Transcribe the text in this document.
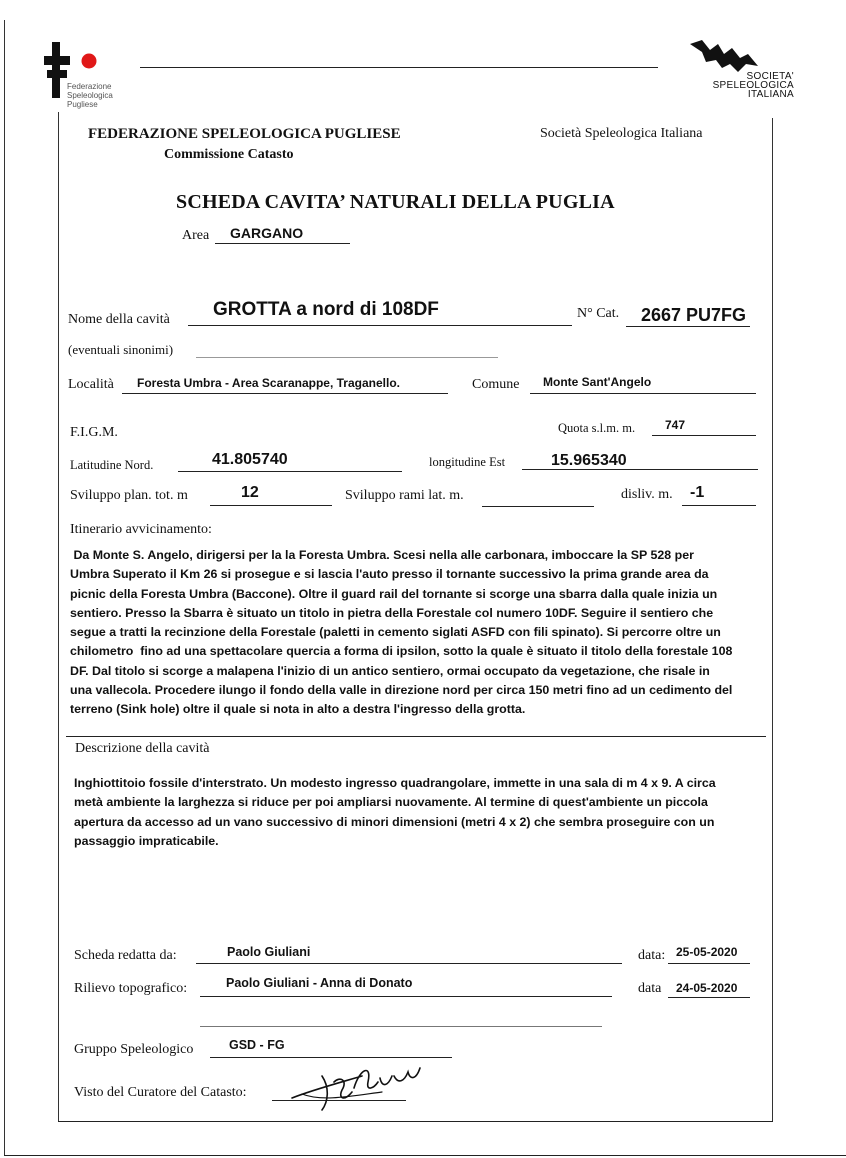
Federazione
Speleologica
Pugliese
SOCIETA'
SPELEOLOGICA
ITALIANA
FEDERAZIONE SPELEOLOGICA PUGLIESE
Commissione Catasto
Società Speleologica Italiana
SCHEDA CAVITA’ NATURALI DELLA PUGLIA
Area GARGANO
Nome della cavità GROTTA a nord di 108DF	N° Cat. 2667 PU7FG
(eventuali sinonimi)
Località Foresta Umbra - Area Scaranappe, Traganello.	Comune Monte Sant'Angelo
F.I.G.M.	Quota s.l.m. m. 747
Latitudine Nord.	41.805740	longitudine Est	15.965340
Sviluppo plan. tot. m	12	Sviluppo rami lat. m.	disliv. m. -1
Itinerario avvicinamento:
Da Monte S. Angelo, dirigersi per la la Foresta Umbra. Scesi nella alle carbonara, imboccare la SP 528 per
Umbra Superato il Km 26 si prosegue e si lascia l'auto presso il tornante successivo la prima grande area da
picnic della Foresta Umbra (Baccone). Oltre il guard rail del tornante si scorge una sbarra dalla quale inizia un
sentiero. Presso la Sbarra è situato un titolo in pietra della Forestale col numero 10DF. Seguire il sentiero che
segue a tratti la recinzione della Forestale (paletti in cemento siglati ASFD con fili spinato). Si percorre oltre un
chilometro  fino ad una spettacolare quercia a forma di ipsilon, sotto la quale è situato il titolo della forestale 108
DF. Dal titolo si scorge a malapena l'inizio di un antico sentiero, ormai occupato da vegetazione, che risale in
una vallecola. Procedere ilungo il fondo della valle in direzione nord per circa 150 metri fino ad un cedimento del
terreno (Sink hole) oltre il quale si nota in alto a destra l'ingresso della grotta.
Descrizione della cavità
Inghiottitoio fossile d'interstrato. Un modesto ingresso quadrangolare, immette in una sala di m 4 x 9. A circa
metà ambiente la larghezza si riduce per poi ampliarsi nuovamente. Al termine di quest'ambiente un piccola
apertura da accesso ad un vano successivo di minori dimensioni (metri 4 x 2) che sembra proseguire con un
passaggio impraticabile.
Scheda redatta da:	Paolo Giuliani	data: 25-05-2020
Rilievo topografico:	Paolo Giuliani - Anna di Donato	data 24-05-2020
Gruppo Speleologico	GSD - FG
Visto del Curatore del Catasto:
